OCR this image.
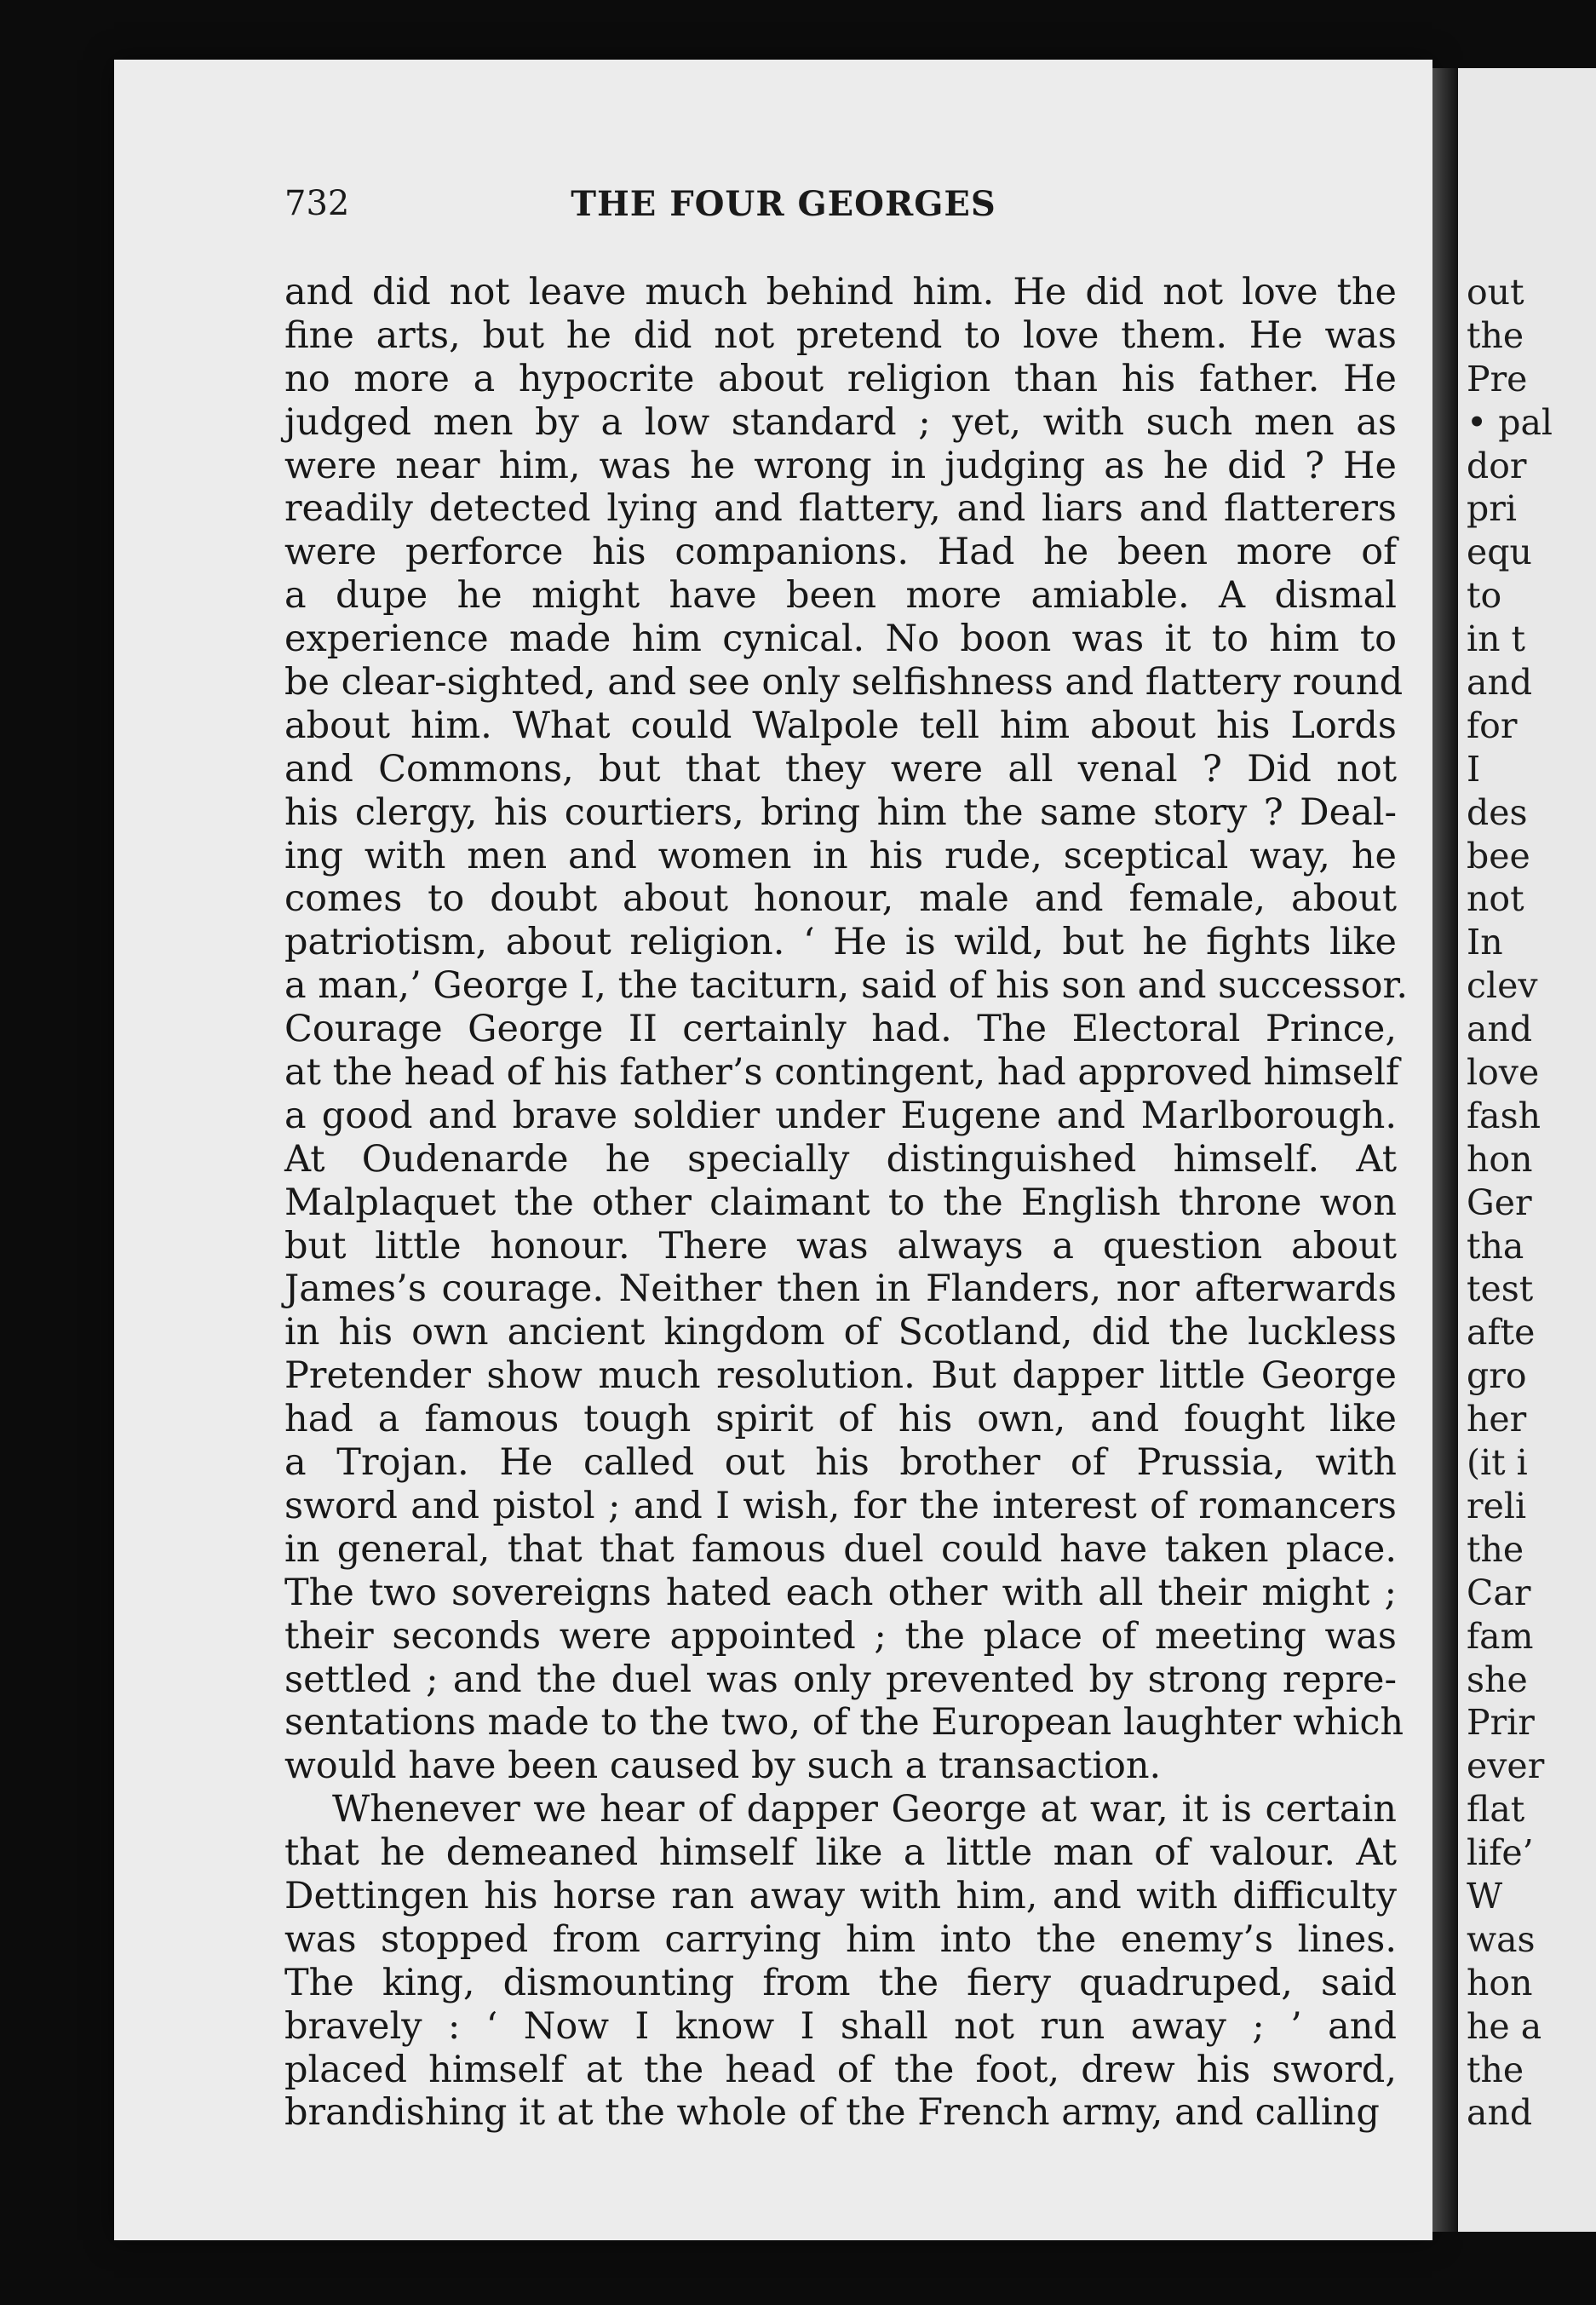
732	THE FOUR GEORGES
and did not leave much behind him. He did not love the
fine arts, but he did not pretend to love them. He was
no more a hypocrite about religion than his father. He
judged men by a low standard ; yet, with such men as
were near him, was he wrong in judging as he did ? He
readily detected lying and flattery, and liars and flatterers
were perforce his companions. Had he been more of
a dupe he might have been more amiable. A dismal
experience made him cynical. No boon was it to him to
be clear-sighted, and see only selfishness and flattery round
about him. What could Walpole tell him about his Lords
and Commons, but that they were all venal ? Did not
his clergy, his courtiers, bring him the same story ? Deal-
ing with men and women in his rude, sceptical way, he
comes to doubt about honour, male and female, about
patriotism, about religion. ‘ He is wild, but he fights like
a man,’ George I, the taciturn, said of his son and successor.
Courage George II certainly had. The Electoral Prince,
at the head of his father’s contingent, had approved himself
a good and brave soldier under Eugene and Marlborough.
At Oudenarde he specially distinguished himself. At
Malplaquet the other claimant to the English throne won
but little honour. There was always a question about
James’s courage. Neither then in Flanders, nor afterwards
in his own ancient kingdom of Scotland, did the luckless
Pretender show much resolution. But dapper little George
had a famous tough spirit of his own, and fought like
a Trojan. He called out his brother of Prussia, with
sword and pistol ; and I wish, for the interest of romancers
in general, that that famous duel could have taken place.
The two sovereigns hated each other with all their might ;
their seconds were appointed ; the place of meeting was
settled ; and the duel was only prevented by strong repre-
sentations made to the two, of the European laughter which
would have been caused by such a transaction.
Whenever we hear of dapper George at war, it is certain
that he demeaned himself like a little man of valour. At
Dettingen his horse ran away with him, and with difficulty
was stopped from carrying him into the enemy’s lines.
The king, dismounting from the fiery quadruped, said
bravely : ‘ Now I know I shall not run away ; ’ and
placed himself at the head of the foot, drew his sword,
brandishing it at the whole of the French army, and calling
out
the
Pre
• pal
dor
pri
equ
to
in t
and
for
I
des
bee
not
In
clev
and
love
fash
hon
Ger
tha
test
afte
gro
her
(it i
reli
the
Car
fam
she
Prir
ever
flat
life’
W
was
hon
he a
the
and
